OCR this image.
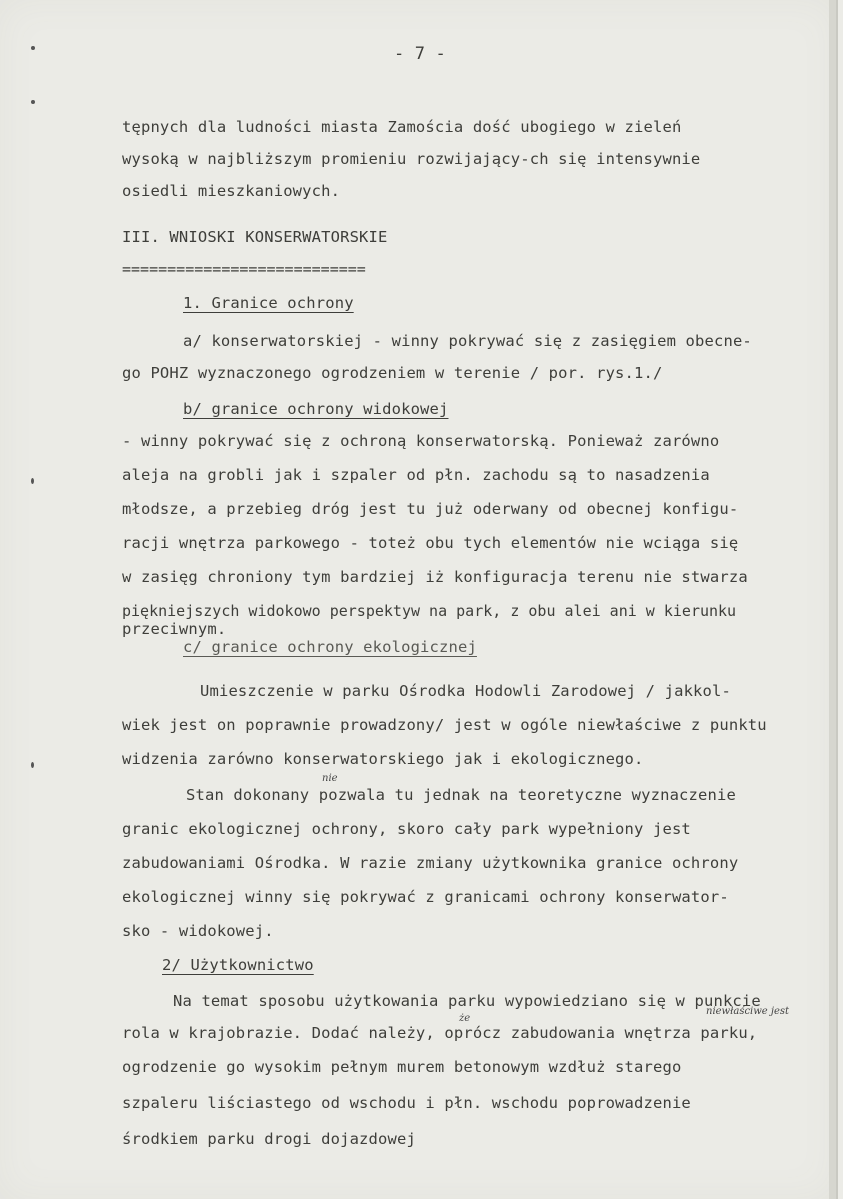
- 7 -
tępnych dla ludności miasta Zamościa dość ubogiego w zieleń
wysoką w najbliższym promieniu rozwijający-ch się intensywnie
osiedli mieszkaniowych.
III. WNIOSKI KONSERWATORSKIE
===========================
1. Granice ochrony
a/ konserwatorskiej - winny pokrywać się z zasięgiem obecne-
go POHZ wyznaczonego ogrodzeniem w terenie / por. rys.1./
b/ granice ochrony widokowej
- winny pokrywać się z ochroną konserwatorską. Ponieważ zarówno
aleja na grobli jak i szpaler od płn. zachodu są to nasadzenia
młodsze, a przebieg dróg jest tu już oderwany od obecnej konfigu-
racji wnętrza parkowego - toteż obu tych elementów nie wciąga się
w zasięg chroniony tym bardziej iż konfiguracja terenu nie stwarza
piękniejszych widokowo perspektyw na park, z obu alei ani w kierunku
przeciwnym.
c/ granice ochrony ekologicznej
Umieszczenie w parku Ośrodka Hodowli Zarodowej / jakkol-
wiek jest on poprawnie prowadzony/ jest w ogóle niewłaściwe z punktu
widzenia zarówno konserwatorskiego jak i ekologicznego.
Stan dokonany pozwala tu jednak na teoretyczne wyznaczenie
granic ekologicznej ochrony, skoro cały park wypełniony jest
zabudowaniami Ośrodka. W razie zmiany użytkownika granice ochrony
ekologicznej winny się pokrywać z granicami ochrony konserwator-
sko - widokowej.
2/ Użytkownictwo
Na temat sposobu użytkowania parku wypowiedziano się w punkcie
rola w krajobrazie. Dodać należy, oprócz zabudowania wnętrza parku,
ogrodzenie go wysokim pełnym murem betonowym wzdłuż starego
szpaleru liściastego od wschodu i płn. wschodu poprowadzenie
środkiem parku drogi dojazdowej
nie
że
niewłaściwe jest
